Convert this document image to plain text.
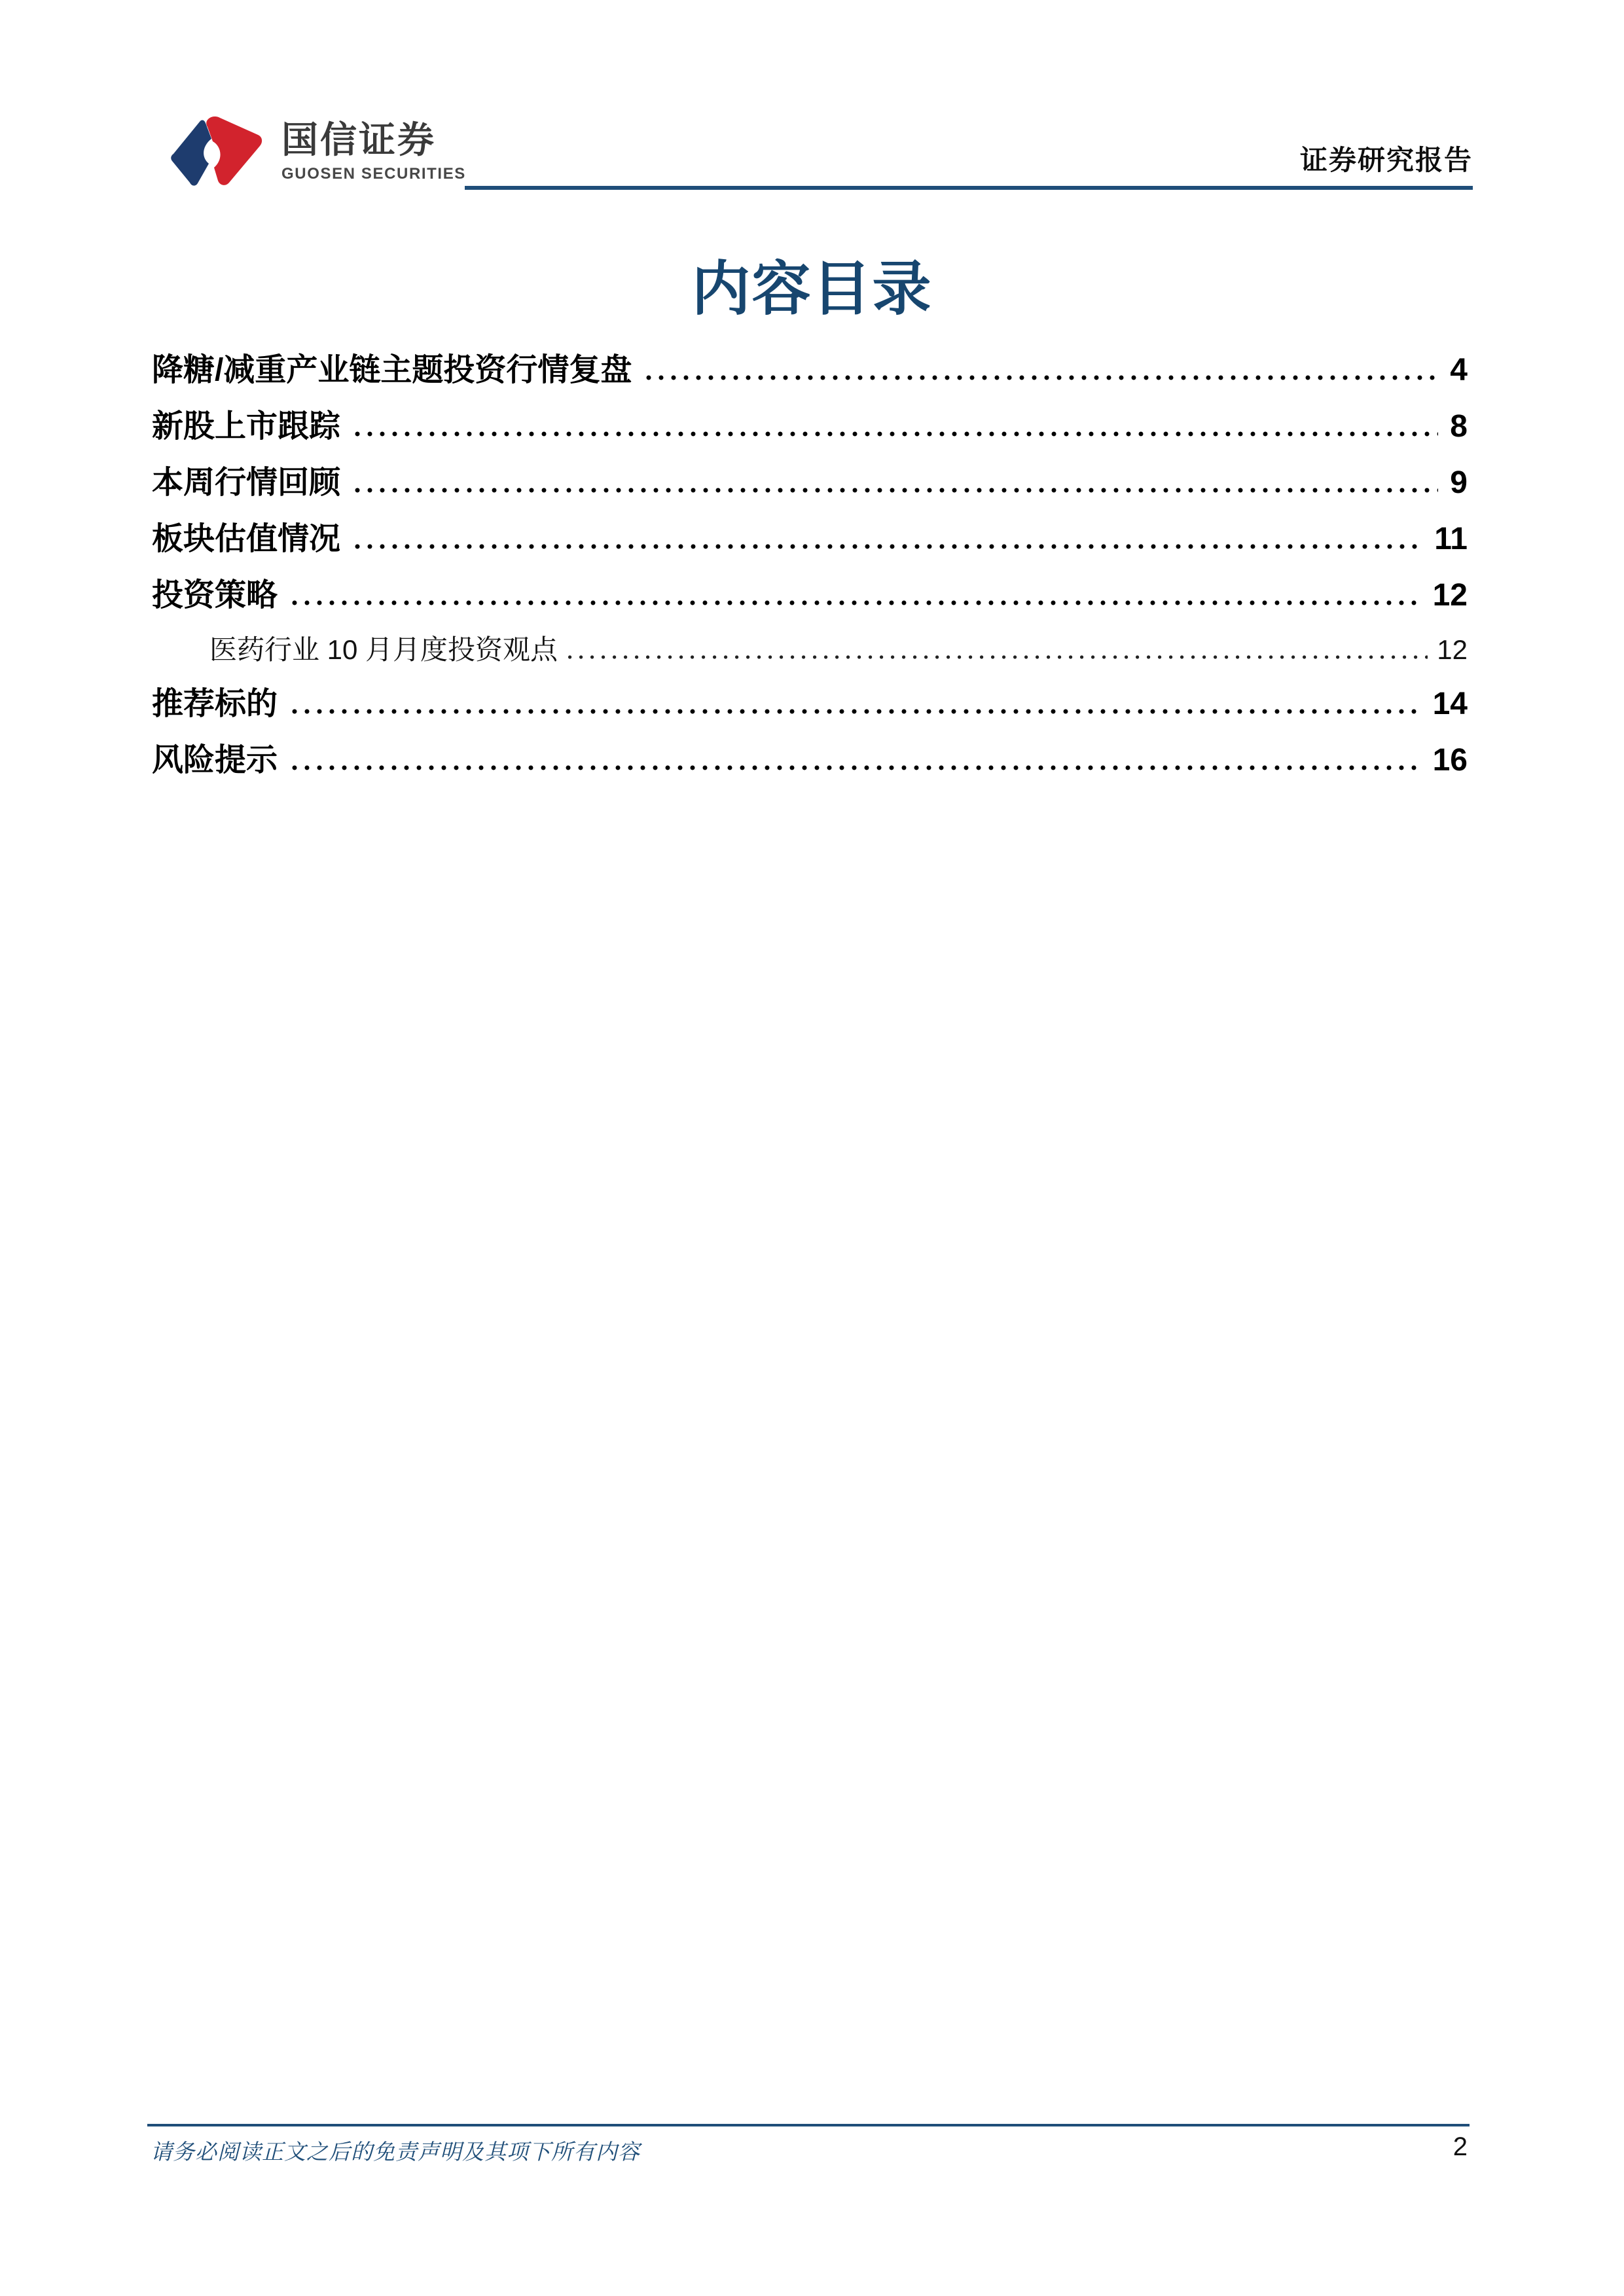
国信证券
GUOSEN SECURITIES	证券研究报告
内容目录
降糖/减重产业链主题投资行情复盘	4
新股上市跟踪	8
本周行情回顾	9
板块估值情况	11
投资策略	12
医药行业 10 月月度投资观点	12
推荐标的	14
风险提示	16
请务必阅读正文之后的免责声明及其项下所有内容	2
